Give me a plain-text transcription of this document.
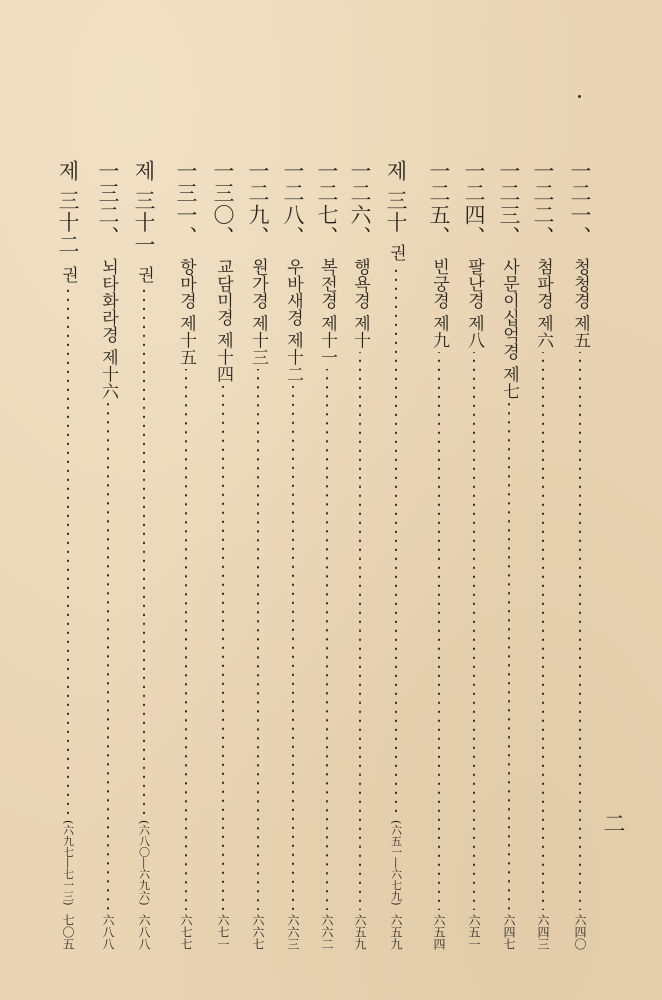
一二一、
청청경 제五
六四〇
一二二、
첨파경 제六
六四三
一二三、
사문이십억경 제七
六四七
一二四、
팔난경 제八
六五一
一二五、
빈궁경 제九
六五四
제 三十
권
(六五一―六七九)
六五九
一二六、
행욕경 제十
六五九
一二七、
복전경 제十一
六六二
一二八、
우바새경 제十二
六六三
一二九、
원가경 제十三
六六七
一三〇、
교담미경 제十四
六七一
一三一、
항마경 제十五
六七七
제 三十一
권
(六八〇―六九六)
六八八
一三二、
뇌타화라경 제十六
六八八
제 三十二
권
(六九七―七一三)
七〇五
二
